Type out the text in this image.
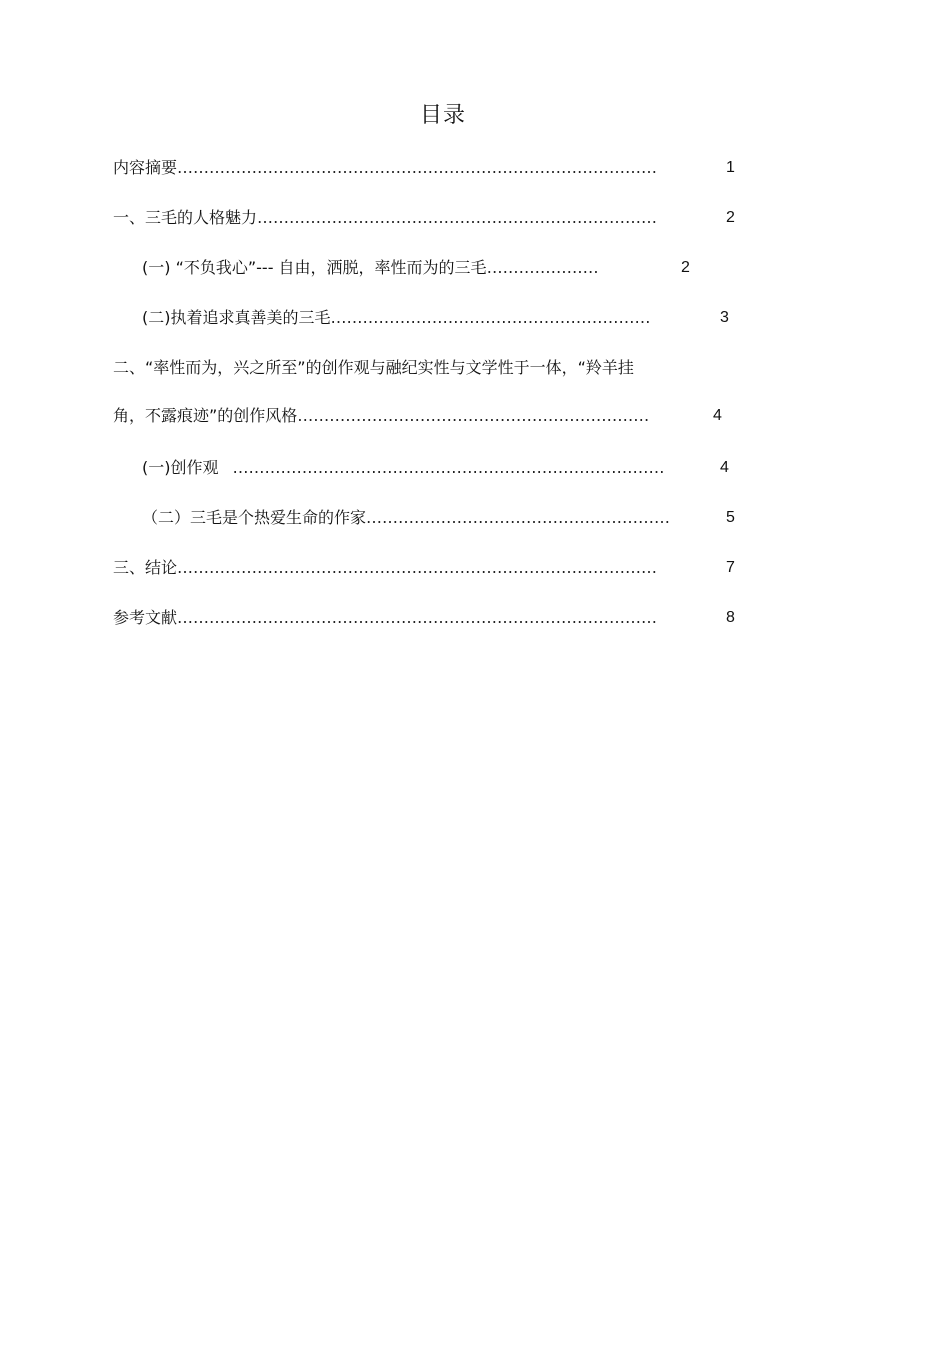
目录
内容摘要………………………………………………………………………………	1
一、三毛的人格魅力…………………………………………………………………	2
(一) “不负我心”--- 自由，洒脱，率性而为的三毛…………………	2
(二)执着追求真善美的三毛……………………………………………………	3
二、“率性而为，兴之所至”的创作观与融纪实性与文学性于一体，“羚羊挂
角，不露痕迹”的创作风格…………………………………………………………	4
(一)创作观 ………………………………………………………………………	4
（二）三毛是个热爱生命的作家…………………………………………………	5
三、结论………………………………………………………………………………	7
参考文献………………………………………………………………………………	8
